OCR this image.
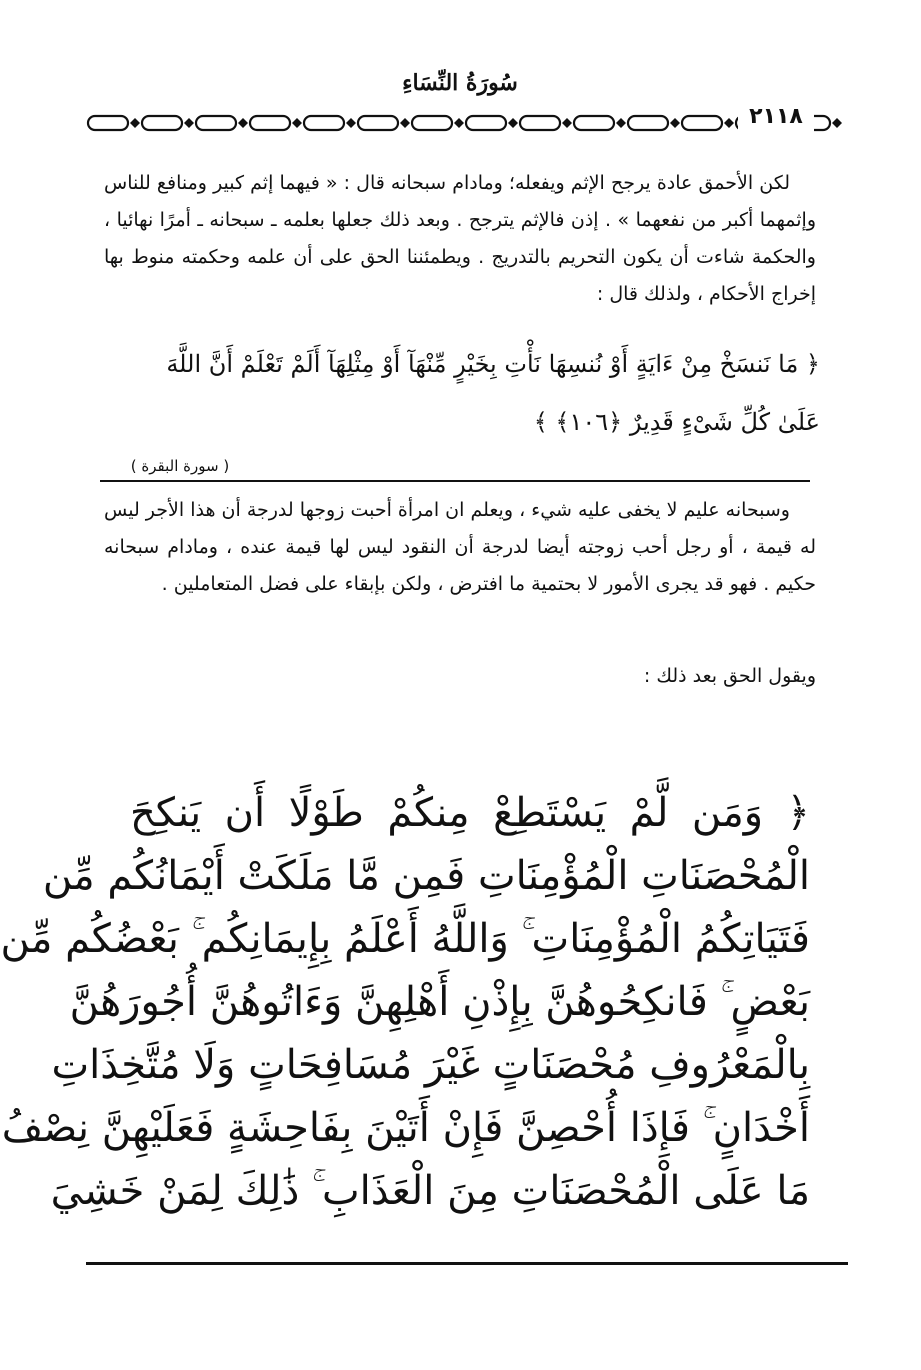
سُورَةُ النِّسَاءِ
٢١١٨
لكن الأحمق عادة يرجح الإثم ويفعله؛ ومادام سبحانه قال : « فيهما إثم كبير ومنافع للناس وإثمهما أكبر من نفعهما » . إذن فالإثم يترجح . وبعد ذلك جعلها بعلمه ـ سبحانه ـ أمرًا نهائيا ، والحكمة شاءت أن يكون التحريم بالتدريج . ويطمئننا الحق على أن علمه وحكمته منوط بها إخراج الأحكام ، ولذلك قال :
﴿ مَا نَنسَخْ مِنْ ءَايَةٍ أَوْ نُنسِهَا نَأْتِ بِخَيْرٍ مِّنْهَآ أَوْ مِثْلِهَآ أَلَمْ تَعْلَمْ أَنَّ اللَّهَ عَلَىٰ كُلِّ شَىْءٍ قَدِيرٌ ﴿١٠٦﴾ ﴾
( سورة البقرة )
وسبحانه عليم لا يخفى عليه شيء ، ويعلم ان امرأة أحبت زوجها لدرجة أن هذا الأجر ليس له قيمة ، أو رجل أحب زوجته أيضا لدرجة أن النقود ليس لها قيمة عنده ، ومادام سبحانه حكيم . فهو قد يجرى الأمور لا بحتمية ما افترض ، ولكن بإبقاء على فضل المتعاملين .
ويقول الحق بعد ذلك :
﴿ وَمَن لَّمْ يَسْتَطِعْ مِنكُمْ طَوْلًا أَن يَنكِحَ
الْمُحْصَنَاتِ الْمُؤْمِنَاتِ فَمِن مَّا مَلَكَتْ أَيْمَانُكُم مِّن
فَتَيَاتِكُمُ الْمُؤْمِنَاتِ ۚ وَاللَّهُ أَعْلَمُ بِإِيمَانِكُم ۚ بَعْضُكُم مِّن
بَعْضٍ ۚ فَانكِحُوهُنَّ بِإِذْنِ أَهْلِهِنَّ وَءَاتُوهُنَّ أُجُورَهُنَّ
بِالْمَعْرُوفِ مُحْصَنَاتٍ غَيْرَ مُسَافِحَاتٍ وَلَا مُتَّخِذَاتِ
أَخْدَانٍ ۚ فَإِذَا أُحْصِنَّ فَإِنْ أَتَيْنَ بِفَاحِشَةٍ فَعَلَيْهِنَّ نِصْفُ
مَا عَلَى الْمُحْصَنَاتِ مِنَ الْعَذَابِ ۚ ذَٰلِكَ لِمَنْ خَشِيَ
